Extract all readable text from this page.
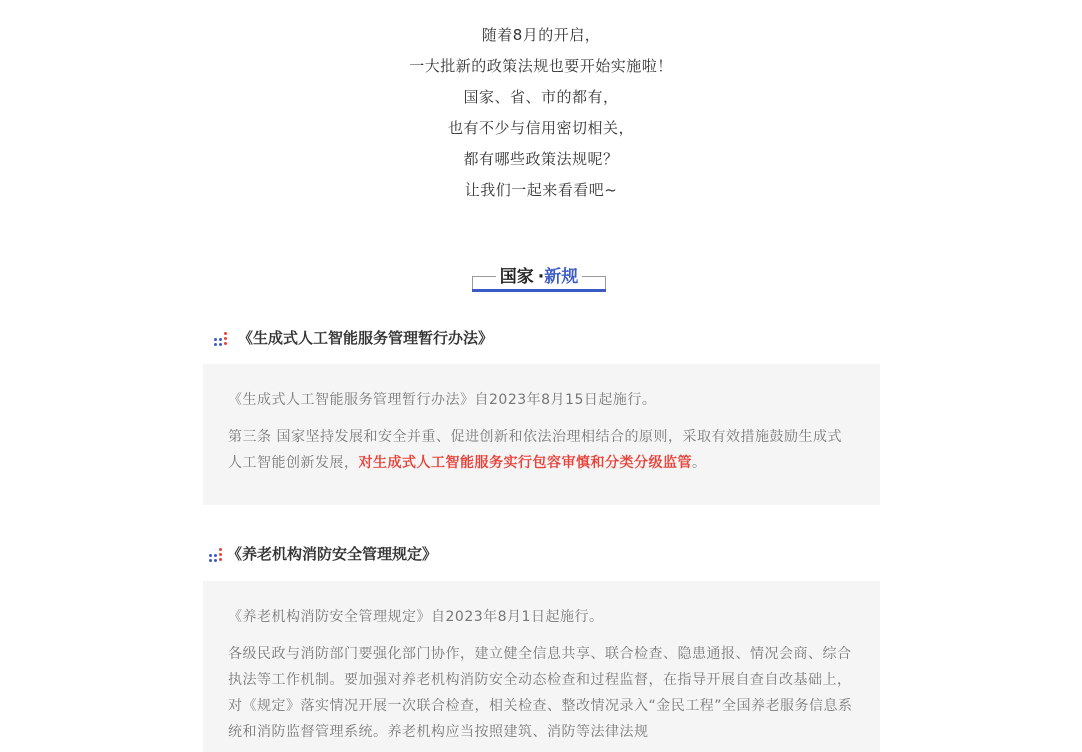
随着8月的开启，

一大批新的政策法规也要开始实施啦！

国家、省、市的都有，

也有不少与信用密切相关，

都有哪些政策法规呢？

让我们一起来看看吧~

国家 ·新规
《生成式人工智能服务管理暂行办法》

《生成式人工智能服务管理暂行办法》自2023年8月15日起施行。

第三条 国家坚持发展和安全并重、促进创新和依法治理相结合的原则，采取有效措施鼓励生成式人工智能创新发展，对生成式人工智能服务实行包容审慎和分类分级监管。

《养老机构消防安全管理规定》

《养老机构消防安全管理规定》自2023年8月1日起施行。

各级民政与消防部门要强化部门协作，建立健全信息共享、联合检查、隐患通报、情况会商、综合执法等工作机制。要加强对养老机构消防安全动态检查和过程监督，在指导开展自查自改基础上，对《规定》落实情况开展一次联合检查，相关检查、整改情况录入“金民工程”全国养老服务信息系统和消防监督管理系统。养老机构应当按照建筑、消防等法律法规
